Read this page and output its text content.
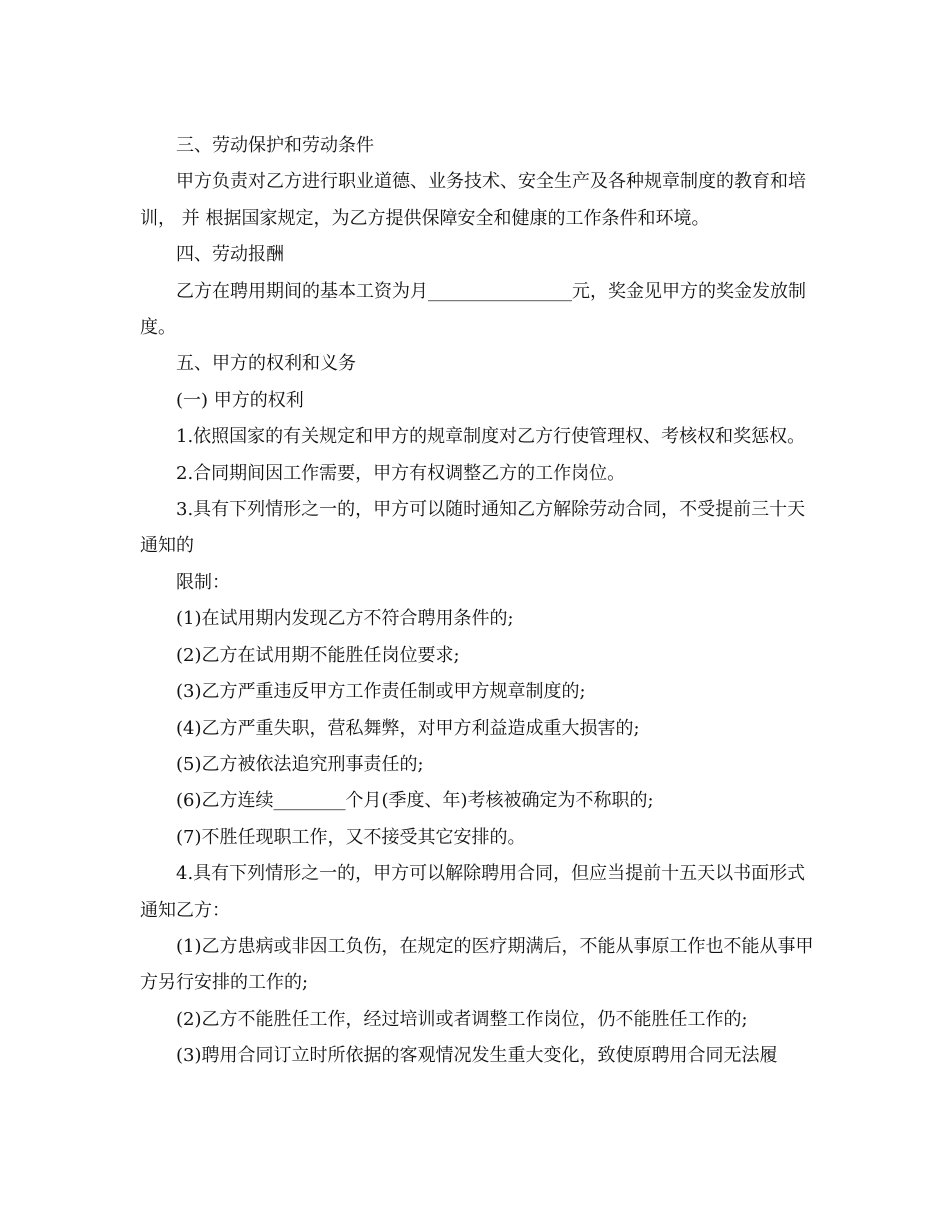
三、劳动保护和劳动条件

甲方负责对乙方进行职业道德、业务技术、安全生产及各种规章制度的教育和培训， 并 根据国家规定，为乙方提供保障安全和健康的工作条件和环境。

四、劳动报酬

乙方在聘用期间的基本工资为月________________元，奖金见甲方的奖金发放制度。

五、甲方的权利和义务

(一) 甲方的权利

1.依照国家的有关规定和甲方的规章制度对乙方行使管理权、考核权和奖惩权。

2.合同期间因工作需要，甲方有权调整乙方的工作岗位。

3.具有下列情形之一的，甲方可以随时通知乙方解除劳动合同，不受提前三十天通知的

限制：

(1)在试用期内发现乙方不符合聘用条件的;

(2)乙方在试用期不能胜任岗位要求;

(3)乙方严重违反甲方工作责任制或甲方规章制度的;

(4)乙方严重失职，营私舞弊，对甲方利益造成重大损害的;

(5)乙方被依法追究刑事责任的;

(6)乙方连续________个月(季度、年)考核被确定为不称职的;

(7)不胜任现职工作，又不接受其它安排的。

4.具有下列情形之一的，甲方可以解除聘用合同，但应当提前十五天以书面形式通知乙方：

(1)乙方患病或非因工负伤，在规定的医疗期满后，不能从事原工作也不能从事甲方另行安排的工作的;

(2)乙方不能胜任工作，经过培训或者调整工作岗位，仍不能胜任工作的;

(3)聘用合同订立时所依据的客观情况发生重大变化，致使原聘用合同无法履
